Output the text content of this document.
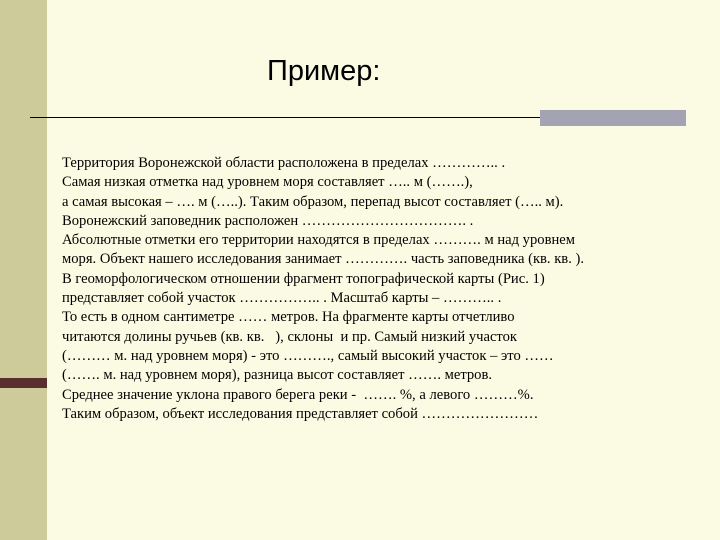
Пример:
Территория Воронежской области расположена в пределах ………….. .
Самая низкая отметка над уровнем моря составляет ….. м (…….),
а самая высокая – …. м (…..). Таким образом, перепад высот составляет (….. м).
Воронежский заповедник расположен ……………………………. .
Абсолютные отметки его территории находятся в пределах ………. м над уровнем
моря. Объект нашего исследования занимает …………. часть заповедника (кв. кв. ).
В геоморфологическом отношении фрагмент топографической карты (Рис. 1)
представляет собой участок …………….. . Масштаб карты – ……….. .
То есть в одном сантиметре …… метров. На фрагменте карты отчетливо
читаются долины ручьев (кв. кв.   ), склоны  и пр. Самый низкий участок
(……… м. над уровнем моря) - это ………., самый высокий участок – это ……
(……. м. над уровнем моря), разница высот составляет ……. метров.
Среднее значение уклона правого берега реки -  ……. %, а левого ………%.
Таким образом, объект исследования представляет собой ……………………
